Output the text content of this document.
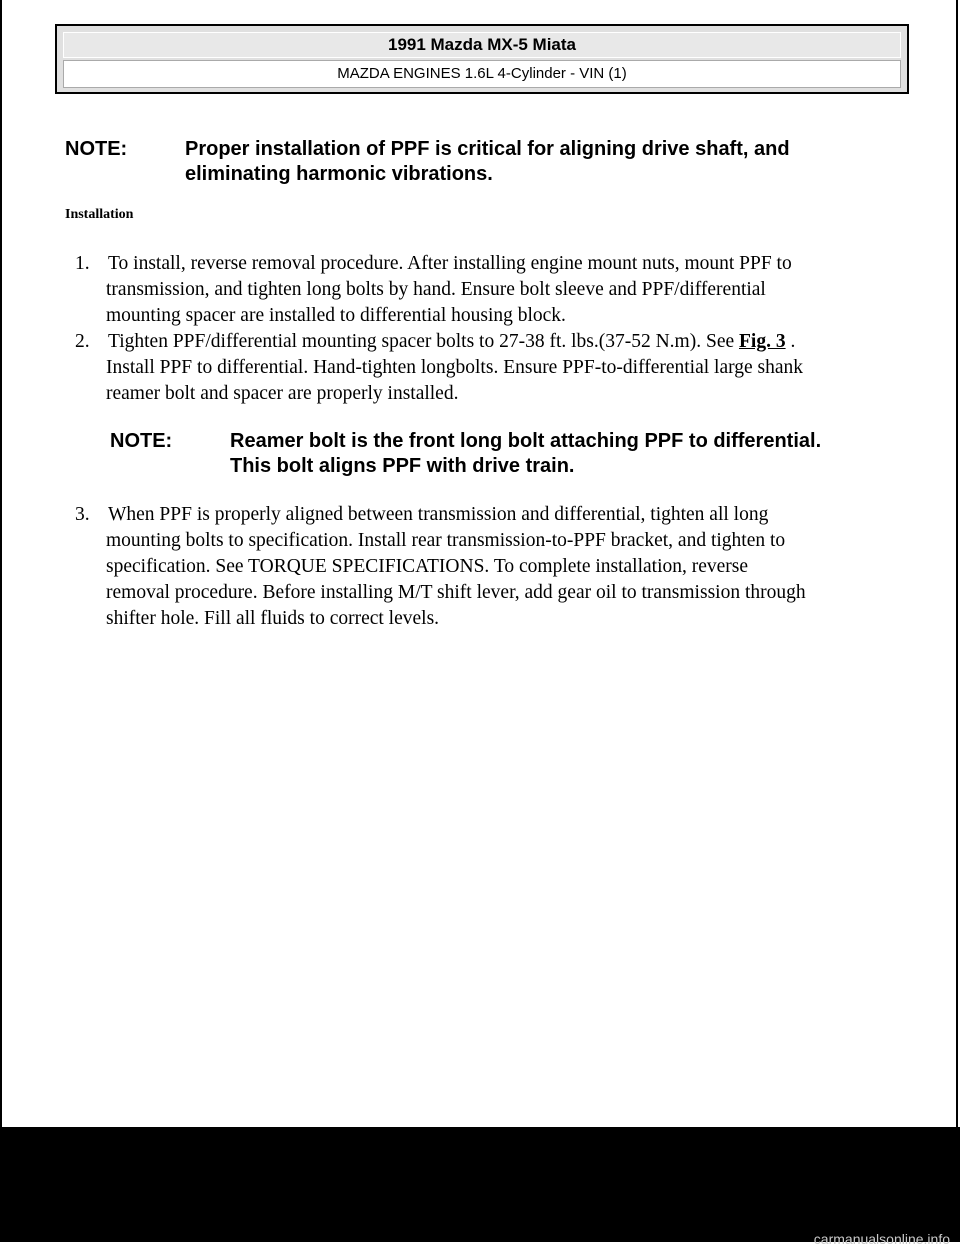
1991 Mazda MX-5 Miata
MAZDA ENGINES 1.6L 4-Cylinder - VIN (1)
NOTE:	Proper installation of PPF is critical for aligning drive shaft, and
eliminating harmonic vibrations.
Installation
1. To install, reverse removal procedure. After installing engine mount nuts, mount PPF to
transmission, and tighten long bolts by hand. Ensure bolt sleeve and PPF/differential
mounting spacer are installed to differential housing block.
2. Tighten PPF/differential mounting spacer bolts to 27-38 ft. lbs.(37-52 N.m). See Fig. 3 .
Install PPF to differential. Hand-tighten longbolts. Ensure PPF-to-differential large shank
reamer bolt and spacer are properly installed.
NOTE:	Reamer bolt is the front long bolt attaching PPF to differential.
This bolt aligns PPF with drive train.
3. When PPF is properly aligned between transmission and differential, tighten all long
mounting bolts to specification. Install rear transmission-to-PPF bracket, and tighten to
specification. See TORQUE SPECIFICATIONS. To complete installation, reverse
removal procedure. Before installing M/T shift lever, add gear oil to transmission through
shifter hole. Fill all fluids to correct levels.
carmanualsonline.info
